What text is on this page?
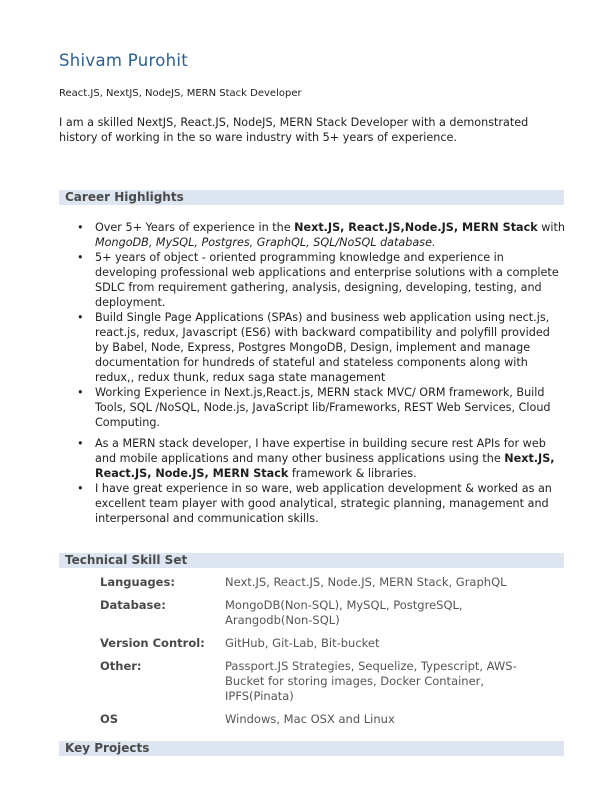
Shivam Purohit
React.JS, NextJS, NodeJS, MERN Stack Developer
I am a skilled NextJS, React.JS, NodeJS, MERN Stack Developer with a demonstrated history of working in the so ware industry with 5+ years of experience.
Career Highlights
• Over 5+ Years of experience in the Next.JS, React.JS,Node.JS, MERN Stack with MongoDB, MySQL, Postgres, GraphQL, SQL/NoSQL database.
• 5+ years of object - oriented programming knowledge and experience in developing professional web applications and enterprise solutions with a complete SDLC from requirement gathering, analysis, designing, developing, testing, and deployment.
• Build Single Page Applications (SPAs) and business web application using nect.js, react.js, redux, Javascript (ES6) with backward compatibility and polyfill provided by Babel, Node, Express, Postgres MongoDB, Design, implement and manage documentation for hundreds of stateful and stateless components along with redux,, redux thunk, redux saga state management
• Working Experience in Next.js,React.js, MERN stack MVC/ ORM framework, Build Tools, SQL /NoSQL, Node.js, JavaScript lib/Frameworks, REST Web Services, Cloud Computing.
• As a MERN stack developer, I have expertise in building secure rest APIs for web and mobile applications and many other business applications using the Next.JS, React.JS, Node.JS, MERN Stack framework & libraries.
• I have great experience in so ware, web application development & worked as an excellent team player with good analytical, strategic planning, management and interpersonal and communication skills.
Technical Skill Set
Languages:	Next.JS, React.JS, Node.JS, MERN Stack, GraphQL
Database:	MongoDB(Non-SQL), MySQL, PostgreSQL, Arangodb(Non-SQL)
Version Control:	GitHub, Git-Lab, Bit-bucket
Other:	Passport.JS Strategies, Sequelize, Typescript, AWS-Bucket for storing images, Docker Container, IPFS(Pinata)
OS	Windows, Mac OSX and Linux
Key Projects
